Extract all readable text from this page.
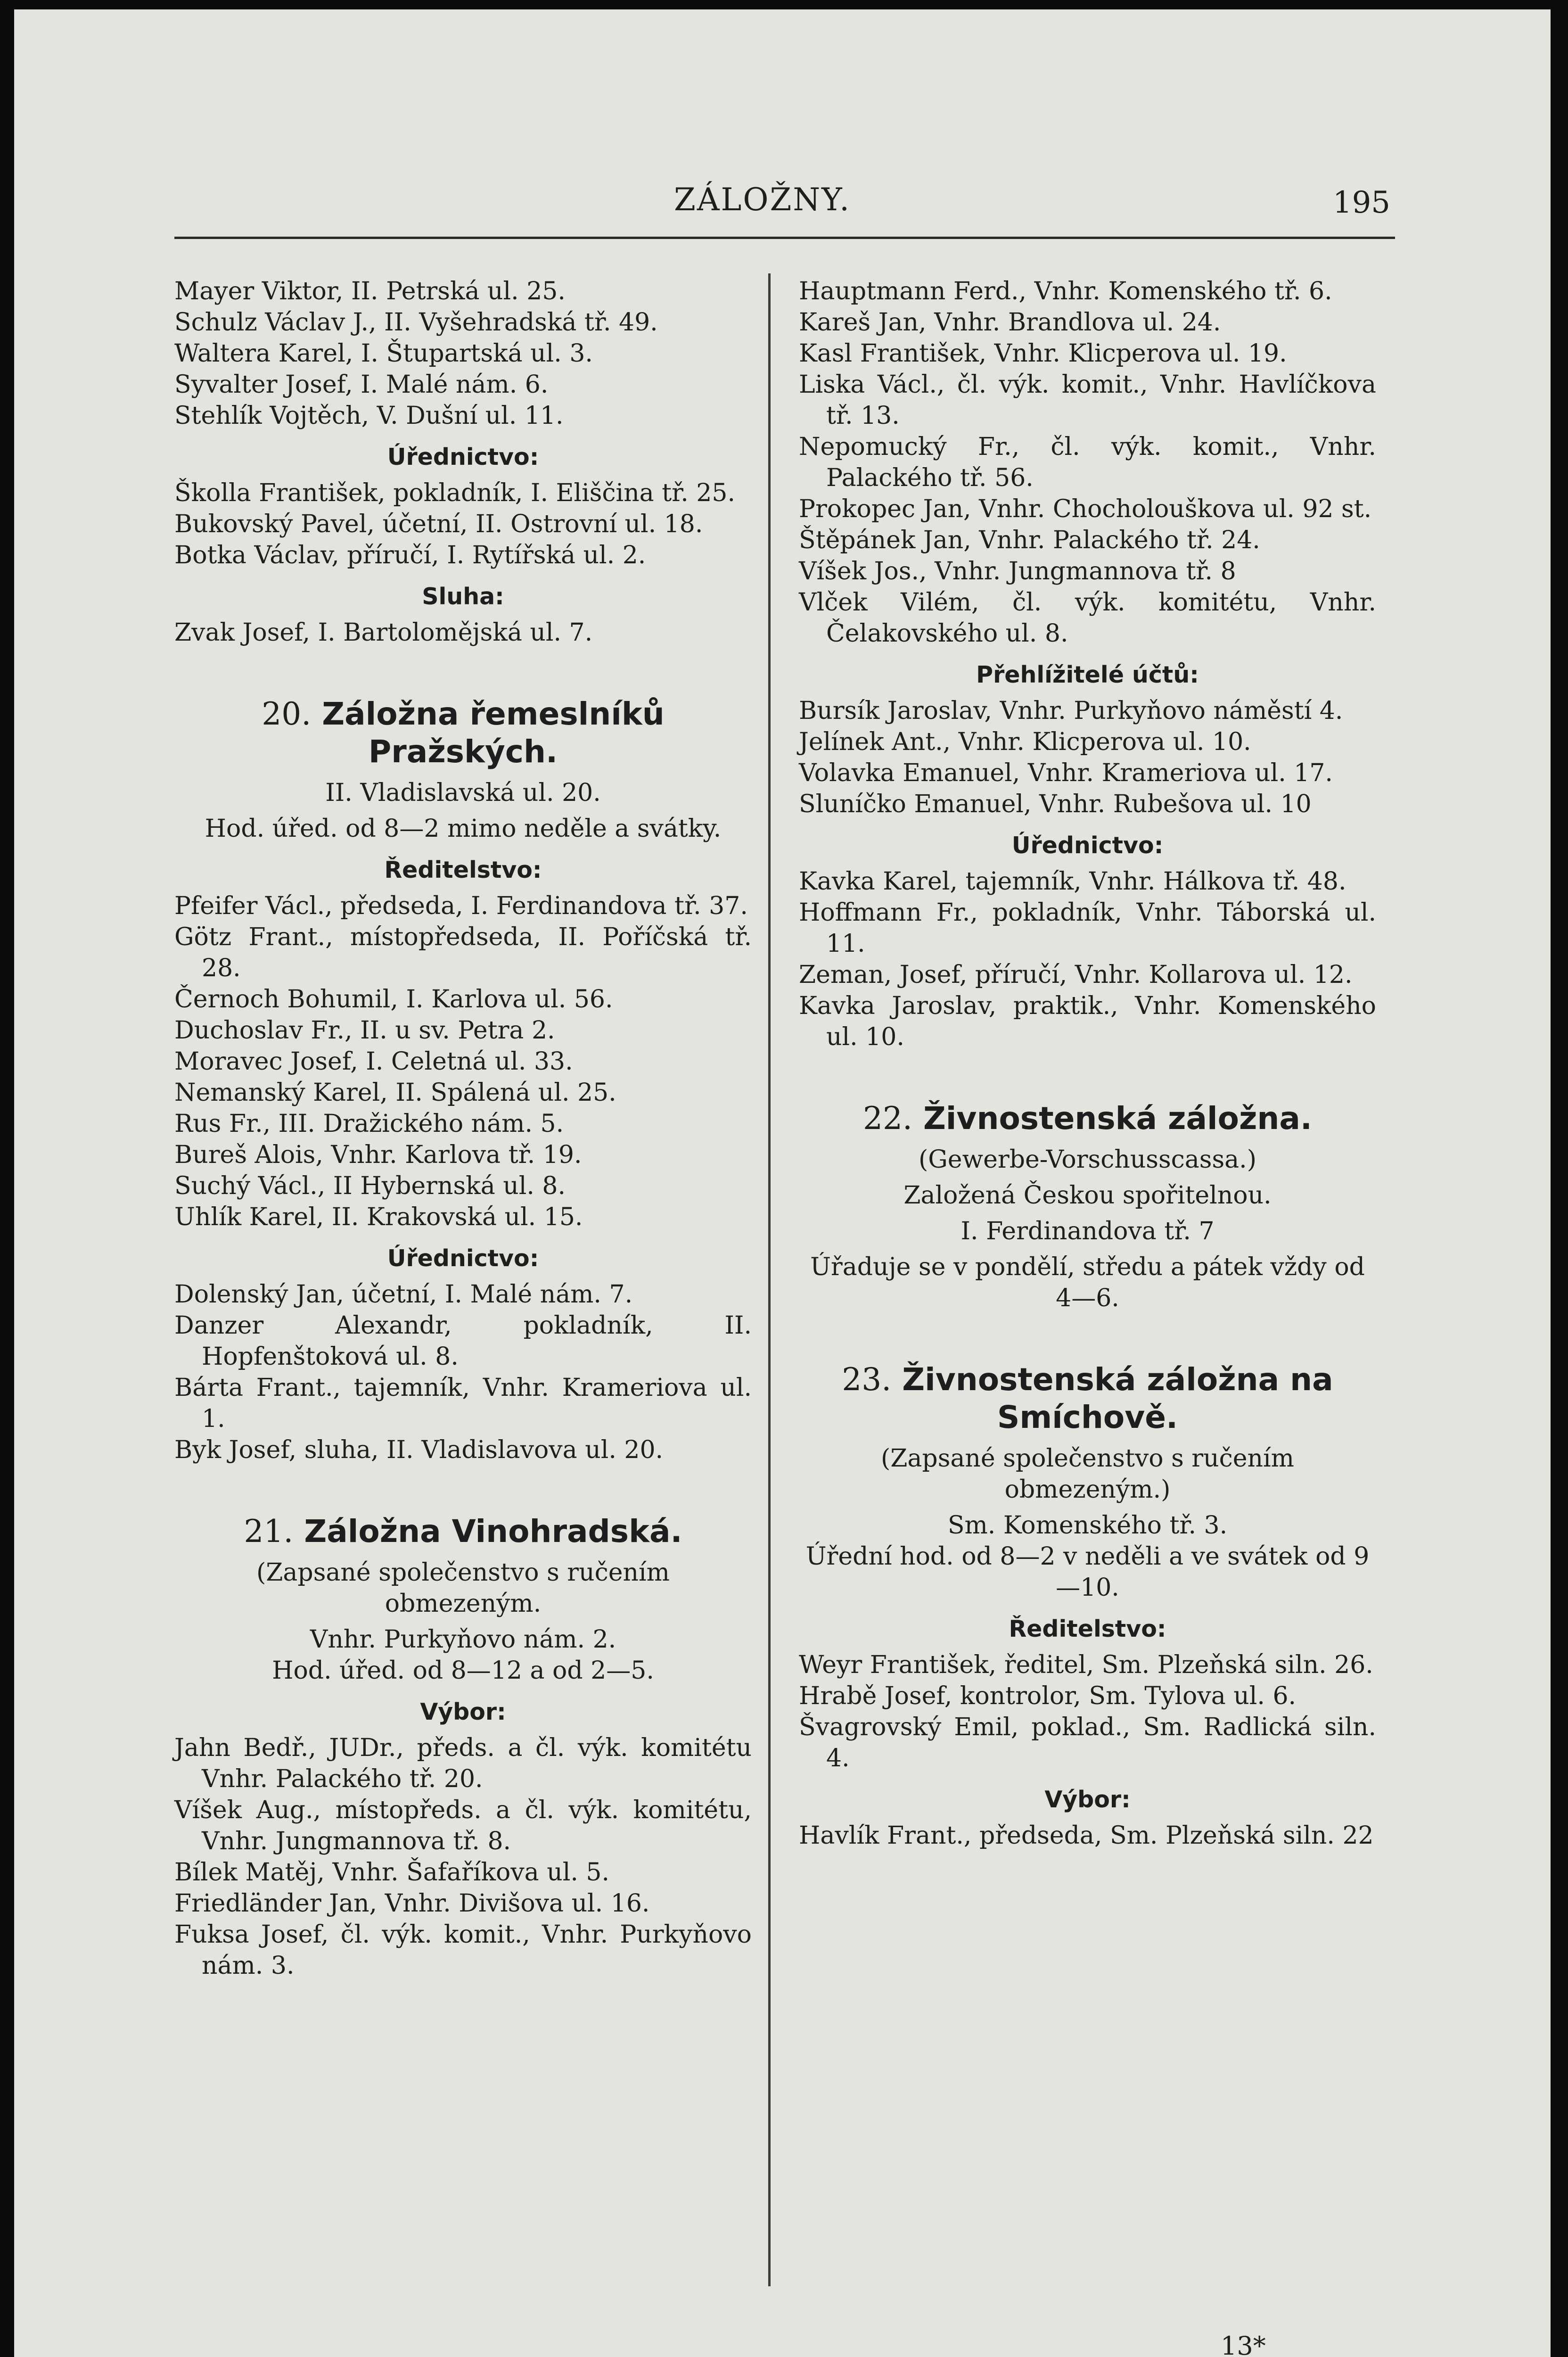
ZÁLOŽNY.	195
Mayer Viktor, II. Petrská ul. 25.
Schulz Václav J., II. Vyšehradská tř. 49.
Waltera Karel, I. Štupartská ul. 3.
Syvalter Josef, I. Malé nám. 6.
Stehlík Vojtěch, V. Dušní ul. 11.
Úřednictvo:
Školla František, pokladník, I. Eliščina tř. 25.
Bukovský Pavel, účetní, II. Ostrovní ul. 18.
Botka Václav, příručí, I. Rytířská ul. 2.
Sluha:
Zvak Josef, I. Bartolomějská ul. 7.
20. Záložna řemeslníků Pražských.
II. Vladislavská ul. 20.
Hod. úřed. od 8—2 mimo neděle a svátky.
Ředitelstvo:
Pfeifer Václ., předseda, I. Ferdinandova tř. 37.
Götz Frant., místopředseda, II. Poříčská tř. 28.
Černoch Bohumil, I. Karlova ul. 56.
Duchoslav Fr., II. u sv. Petra 2.
Moravec Josef, I. Celetná ul. 33.
Nemanský Karel, II. Spálená ul. 25.
Rus Fr., III. Dražického nám. 5.
Bureš Alois, Vnhr. Karlova tř. 19.
Suchý Václ., II Hybernská ul. 8.
Uhlík Karel, II. Krakovská ul. 15.
Úřednictvo:
Dolenský Jan, účetní, I. Malé nám. 7.
Danzer Alexandr, pokladník, II. Hopfenštoková ul. 8.
Bárta Frant., tajemník, Vnhr. Krameriova ul. 1.
Byk Josef, sluha, II. Vladislavova ul. 20.
21. Záložna Vinohradská.
(Zapsané společenstvo s ručením obmezeným.
Vnhr. Purkyňovo nám. 2.
Hod. úřed. od 8—12 a od 2—5.
Výbor:
Jahn Bedř., JUDr., předs. a čl. výk. komitétu Vnhr. Palackého tř. 20.
Víšek Aug., místopředs. a čl. výk. komitétu, Vnhr. Jungmannova tř. 8.
Bílek Matěj, Vnhr. Šafaříkova ul. 5.
Friedländer Jan, Vnhr. Divišova ul. 16.
Fuksa Josef, čl. výk. komit., Vnhr. Purkyňovo nám. 3.
Hauptmann Ferd., Vnhr. Komenského tř. 6.
Kareš Jan, Vnhr. Brandlova ul. 24.
Kasl František, Vnhr. Klicperova ul. 19.
Liska Václ., čl. výk. komit., Vnhr. Havlíčkova tř. 13.
Nepomucký Fr., čl. výk. komit., Vnhr. Palackého tř. 56.
Prokopec Jan, Vnhr. Chocholouškova ul. 92 st.
Štěpánek Jan, Vnhr. Palackého tř. 24.
Víšek Jos., Vnhr. Jungmannova tř. 8
Vlček Vilém, čl. výk. komitétu, Vnhr. Čelakovského ul. 8.
Přehlížitelé účtů:
Bursík Jaroslav, Vnhr. Purkyňovo náměstí 4.
Jelínek Ant., Vnhr. Klicperova ul. 10.
Volavka Emanuel, Vnhr. Krameriova ul. 17.
Sluníčko Emanuel, Vnhr. Rubešova ul. 10
Úřednictvo:
Kavka Karel, tajemník, Vnhr. Hálkova tř. 48.
Hoffmann Fr., pokladník, Vnhr. Táborská ul. 11.
Zeman, Josef, příručí, Vnhr. Kollarova ul. 12.
Kavka Jaroslav, praktik., Vnhr. Komenského ul. 10.
22. Živnostenská záložna.
(Gewerbe-Vorschusscassa.)
Založená Českou spořitelnou.
I. Ferdinandova tř. 7
Úřaduje se v pondělí, středu a pátek vždy od 4—6.
23. Živnostenská záložna na Smíchově.
(Zapsané společenstvo s ručením obmezeným.)
Sm. Komenského tř. 3.
Úřední hod. od 8—2 v neděli a ve svátek od 9—10.
Ředitelstvo:
Weyr František, ředitel, Sm. Plzeňská siln. 26.
Hrabě Josef, kontrolor, Sm. Tylova ul. 6.
Švagrovský Emil, poklad., Sm. Radlická siln. 4.
Výbor:
Havlík Frant., předseda, Sm. Plzeňská siln. 22
13*
